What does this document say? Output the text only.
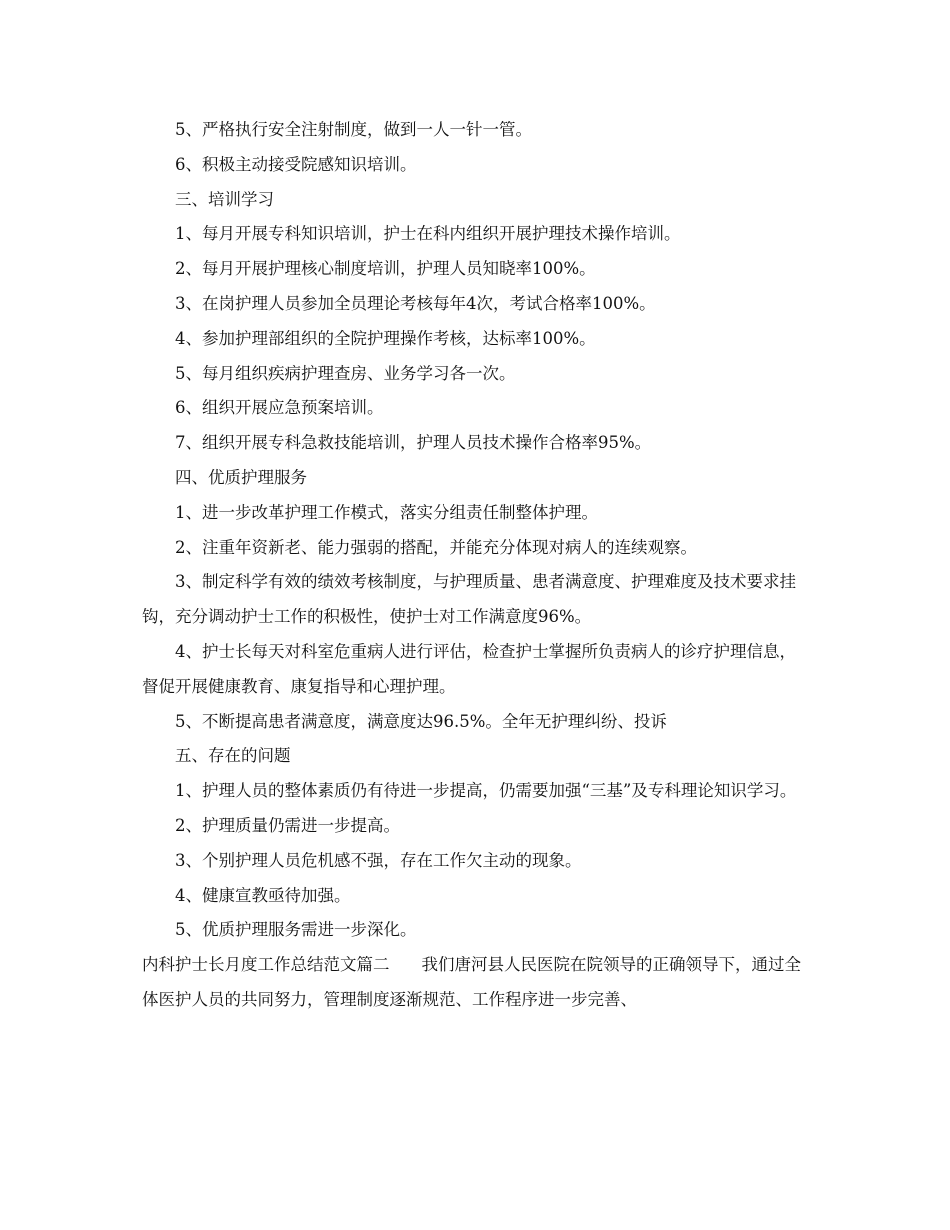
5、严格执行安全注射制度，做到一人一针一管。

6、积极主动接受院感知识培训。

三、培训学习

1、每月开展专科知识培训，护士在科内组织开展护理技术操作培训。

2、每月开展护理核心制度培训，护理人员知晓率100%。

3、在岗护理人员参加全员理论考核每年4次，考试合格率100%。

4、参加护理部组织的全院护理操作考核，达标率100%。

5、每月组织疾病护理查房、业务学习各一次。

6、组织开展应急预案培训。

7、组织开展专科急救技能培训，护理人员技术操作合格率95%。

四、优质护理服务

1、进一步改革护理工作模式，落实分组责任制整体护理。

2、注重年资新老、能力强弱的搭配，并能充分体现对病人的连续观察。

3、制定科学有效的绩效考核制度，与护理质量、患者满意度、护理难度及技术要求挂钩，充分调动护士工作的积极性，使护士对工作满意度96%。

4、护士长每天对科室危重病人进行评估，检查护士掌握所负责病人的诊疗护理信息，督促开展健康教育、康复指导和心理护理。

5、不断提高患者满意度，满意度达96.5%。全年无护理纠纷、投诉

五、存在的问题

1、护理人员的整体素质仍有待进一步提高，仍需要加强“三基”及专科理论知识学习。

2、护理质量仍需进一步提高。

3、个别护理人员危机感不强，存在工作欠主动的现象。

4、健康宣教亟待加强。

5、优质护理服务需进一步深化。

内科护士长月度工作总结范文篇二 我们唐河县人民医院在院领导的正确领导下，通过全体医护人员的共同努力，管理制度逐渐规范、工作程序进一步完善、
